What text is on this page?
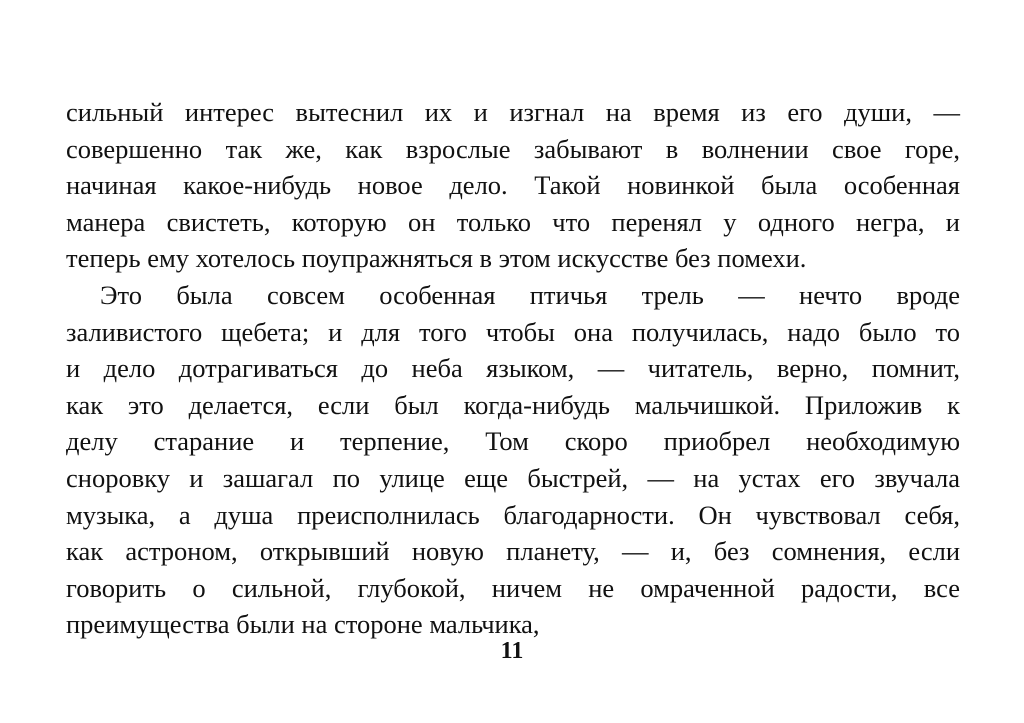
сильный интерес вытеснил их и изгнал на время из его души, —
совершенно так же, как взрослые забывают в волнении свое горе,
начиная какое-нибудь новое дело. Такой новинкой была особенная
манера свистеть, которую он только что перенял у одного негра, и
теперь ему хотелось поупражняться в этом искусстве без помехи.
Это была совсем особенная птичья трель — нечто вроде
заливистого щебета; и для того чтобы она получилась, надо было то
и дело дотрагиваться до неба языком, — читатель, верно, помнит,
как это делается, если был когда-нибудь мальчишкой. Приложив к
делу старание и терпение, Том скоро приобрел необходимую
сноровку и зашагал по улице еще быстрей, — на устах его звучала
музыка, а душа преисполнилась благодарности. Он чувствовал себя,
как астроном, открывший новую планету, — и, без сомнения, если
говорить о сильной, глубокой, ничем не омраченной радости, все
преимущества были на стороне мальчика,
11
